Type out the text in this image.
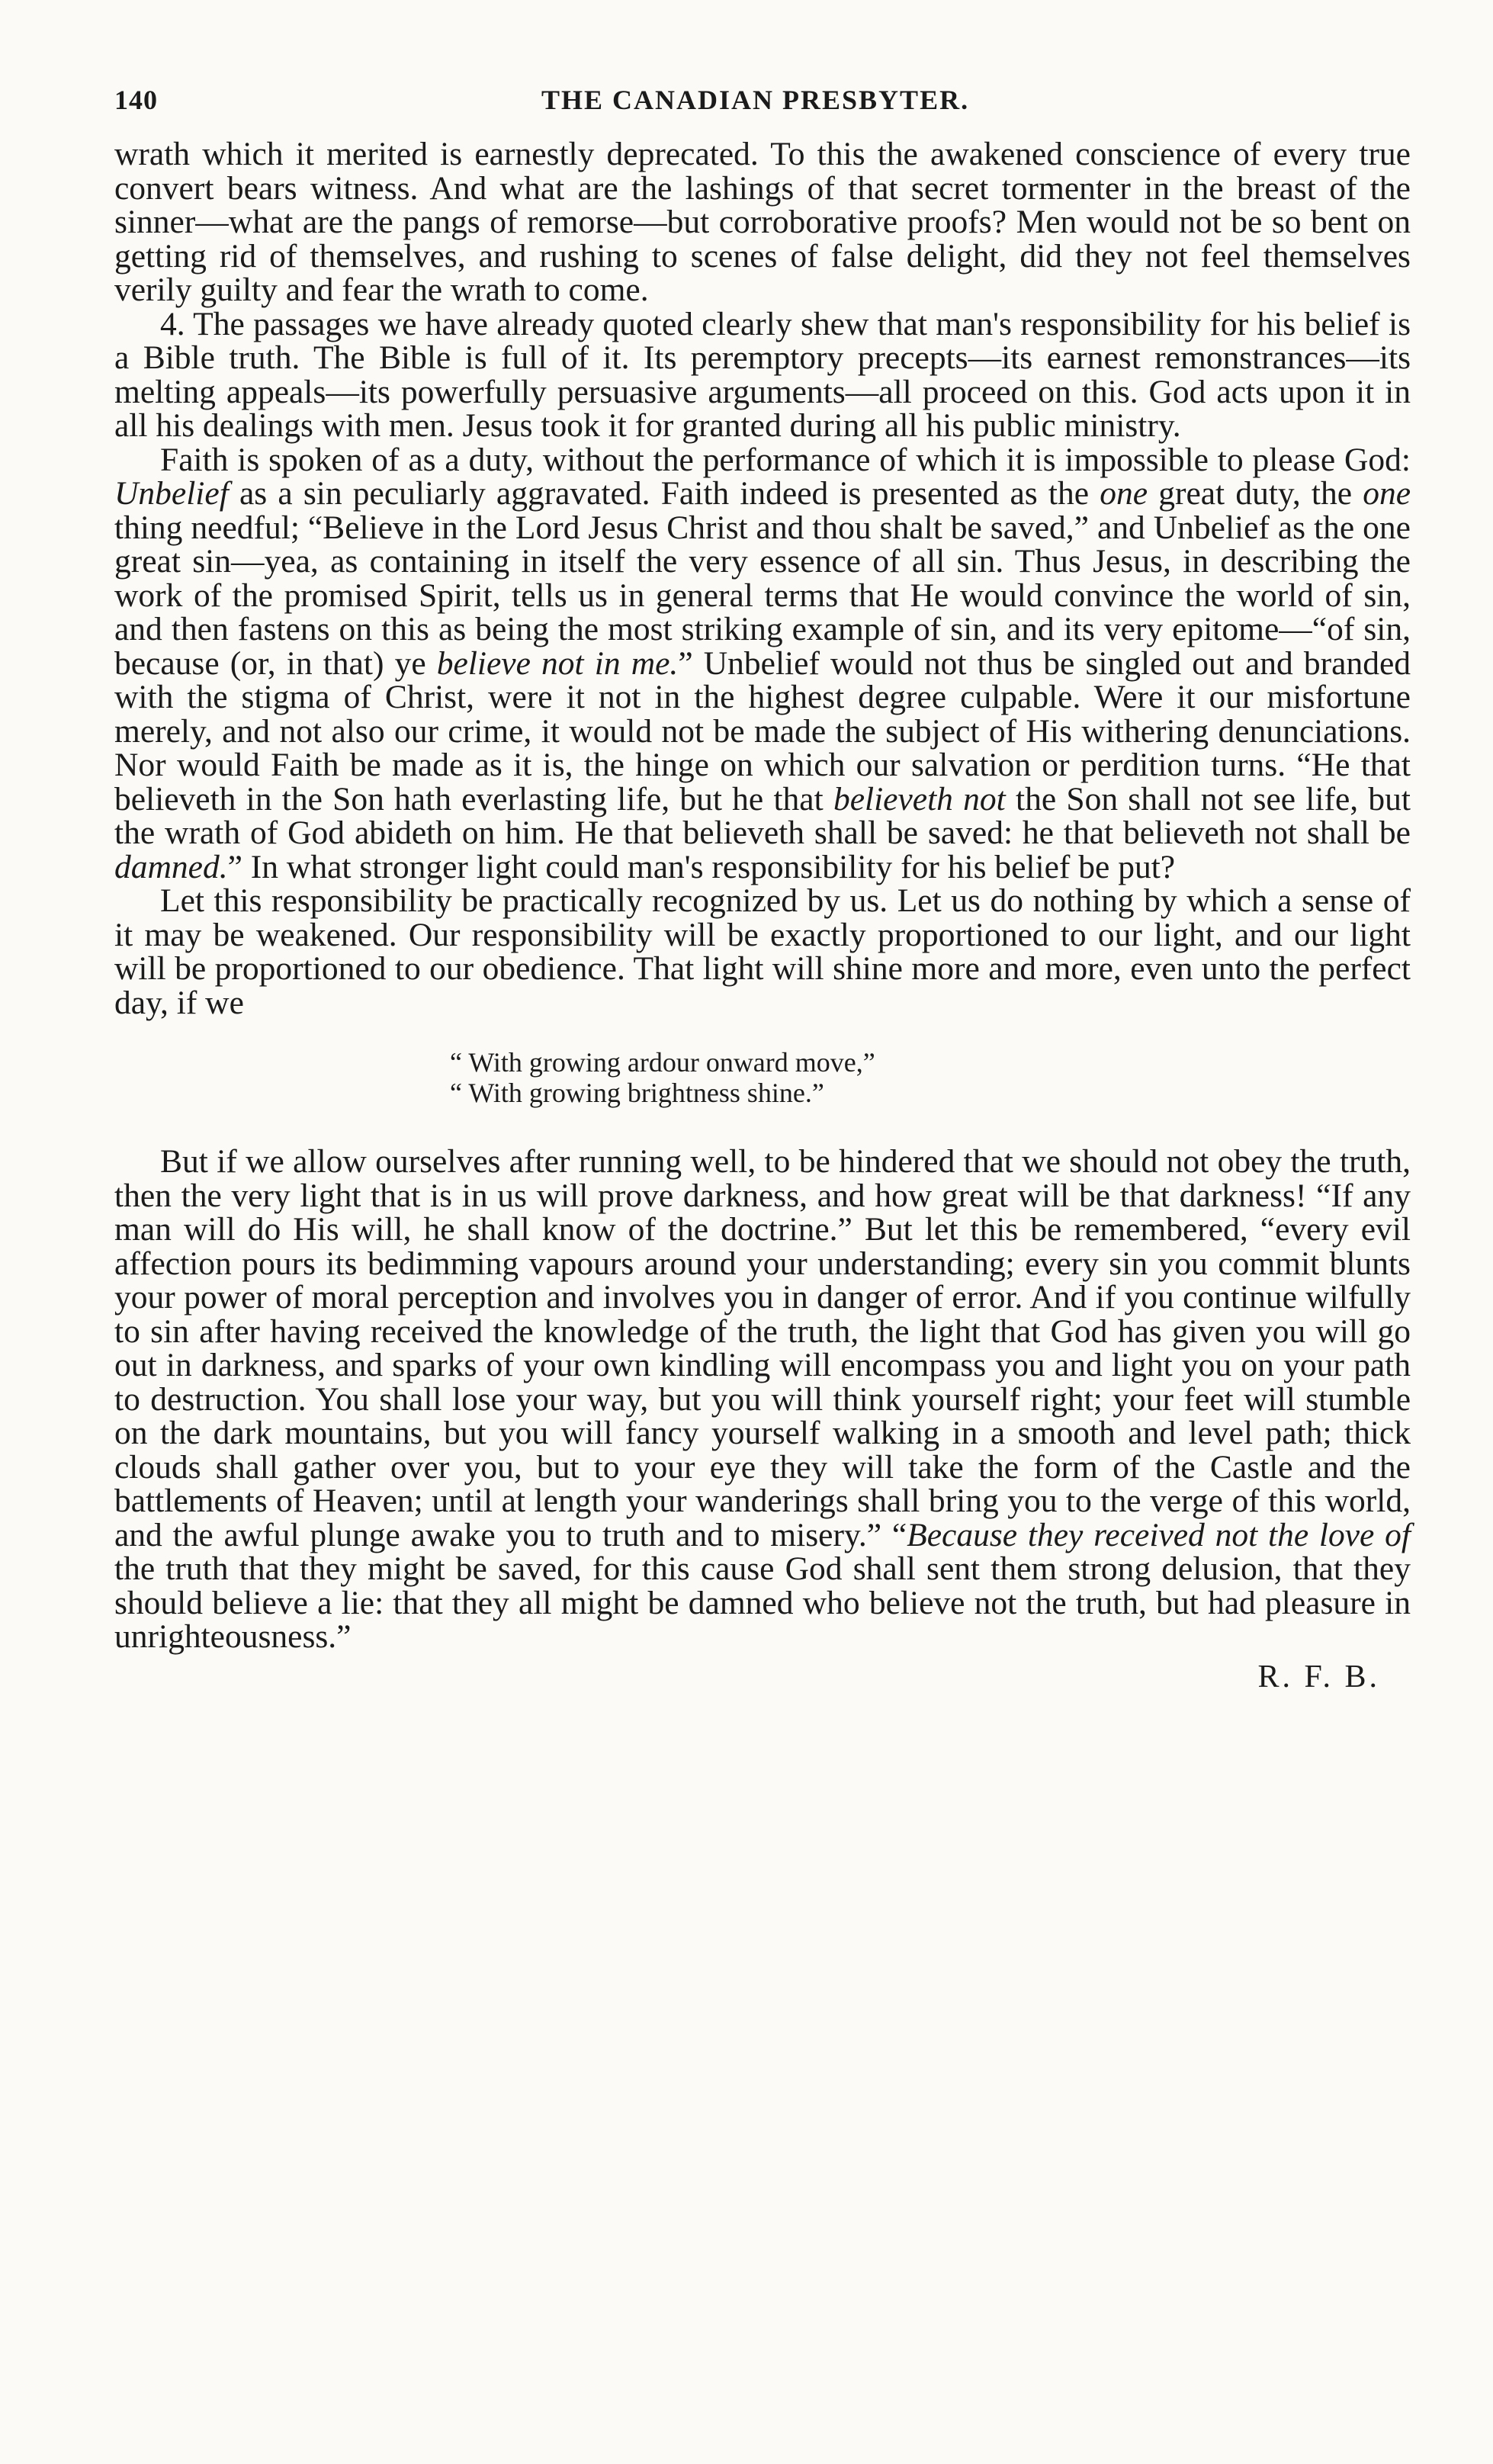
140	THE CANADIAN PRESBYTER.

wrath which it merited is earnestly deprecated. To this the awakened conscience of every true convert bears witness. And what are the lashings of that secret tormenter in the breast of the sinner—what are the pangs of remorse—but corroborative proofs? Men would not be so bent on getting rid of themselves, and rushing to scenes of false delight, did they not feel themselves verily guilty and fear the wrath to come.

4. The passages we have already quoted clearly shew that man's responsibility for his belief is a Bible truth. The Bible is full of it. Its peremptory precepts—its earnest remonstrances—its melting appeals—its powerfully persuasive arguments—all proceed on this. God acts upon it in all his dealings with men. Jesus took it for granted during all his public ministry.

Faith is spoken of as a duty, without the performance of which it is impossible to please God: Unbelief as a sin peculiarly aggravated. Faith indeed is presented as the one great duty, the one thing needful; “Believe in the Lord Jesus Christ and thou shalt be saved,” and Unbelief as the one great sin—yea, as containing in itself the very essence of all sin. Thus Jesus, in describing the work of the promised Spirit, tells us in general terms that He would convince the world of sin, and then fastens on this as being the most striking example of sin, and its very epitome—“of sin, because (or, in that) ye believe not in me.” Unbelief would not thus be singled out and branded with the stigma of Christ, were it not in the highest degree culpable. Were it our misfortune merely, and not also our crime, it would not be made the subject of His withering denunciations. Nor would Faith be made as it is, the hinge on which our salvation or perdition turns. “He that believeth in the Son hath everlasting life, but he that believeth not the Son shall not see life, but the wrath of God abideth on him. He that believeth shall be saved: he that believeth not shall be damned.” In what stronger light could man's responsibility for his belief be put?

Let this responsibility be practically recognized by us. Let us do nothing by which a sense of it may be weakened. Our responsibility will be exactly proportioned to our light, and our light will be proportioned to our obedience. That light will shine more and more, even unto the perfect day, if we

“ With growing ardour onward move,”
“ With growing brightness shine.”

But if we allow ourselves after running well, to be hindered that we should not obey the truth, then the very light that is in us will prove darkness, and how great will be that darkness! “If any man will do His will, he shall know of the doctrine.” But let this be remembered, “every evil affection pours its bedimming vapours around your understanding; every sin you commit blunts your power of moral perception and involves you in danger of error. And if you continue wilfully to sin after having received the knowledge of the truth, the light that God has given you will go out in darkness, and sparks of your own kindling will encompass you and light you on your path to destruction. You shall lose your way, but you will think yourself right; your feet will stumble on the dark mountains, but you will fancy yourself walking in a smooth and level path; thick clouds shall gather over you, but to your eye they will take the form of the Castle and the battlements of Heaven; until at length your wanderings shall bring you to the verge of this world, and the awful plunge awake you to truth and to misery.” “Because they received not the love of the truth that they might be saved, for this cause God shall sent them strong delusion, that they should believe a lie: that they all might be damned who believe not the truth, but had pleasure in unrighteousness.”

R. F. B.
